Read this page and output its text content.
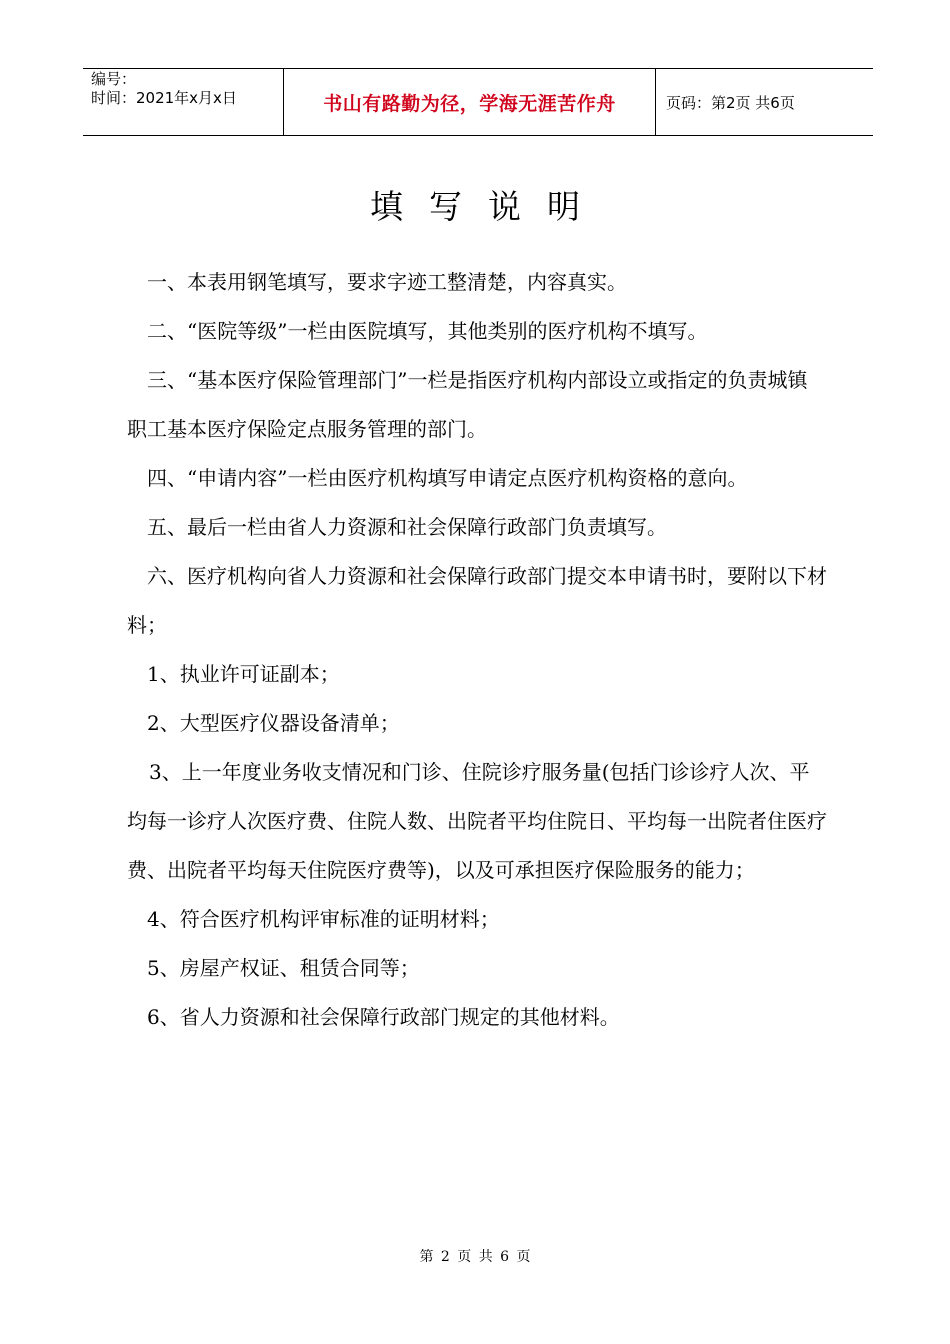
编号：
时间：2021年x月x日	书山有路勤为径，学海无涯苦作舟	页码：第2页 共6页
填写说明

一、本表用钢笔填写，要求字迹工整清楚，内容真实。

二、“医院等级”一栏由医院填写，其他类别的医疗机构不填写。

三、“基本医疗保险管理部门”一栏是指医疗机构内部设立或指定的负责城镇职工基本医疗保险定点服务管理的部门。

四、“申请内容”一栏由医疗机构填写申请定点医疗机构资格的意向。

五、最后一栏由省人力资源和社会保障行政部门负责填写。

六、医疗机构向省人力资源和社会保障行政部门提交本申请书时，要附以下材料；

1、执业许可证副本；

2、大型医疗仪器设备清单；

3、上一年度业务收支情况和门诊、住院诊疗服务量(包括门诊诊疗人次、平均每一诊疗人次医疗费、住院人数、出院者平均住院日、平均每一出院者住医疗费、出院者平均每天住院医疗费等)，以及可承担医疗保险服务的能力；

4、符合医疗机构评审标准的证明材料；

5、房屋产权证、租赁合同等；

6、省人力资源和社会保障行政部门规定的其他材料。

第 2 页 共 6 页
